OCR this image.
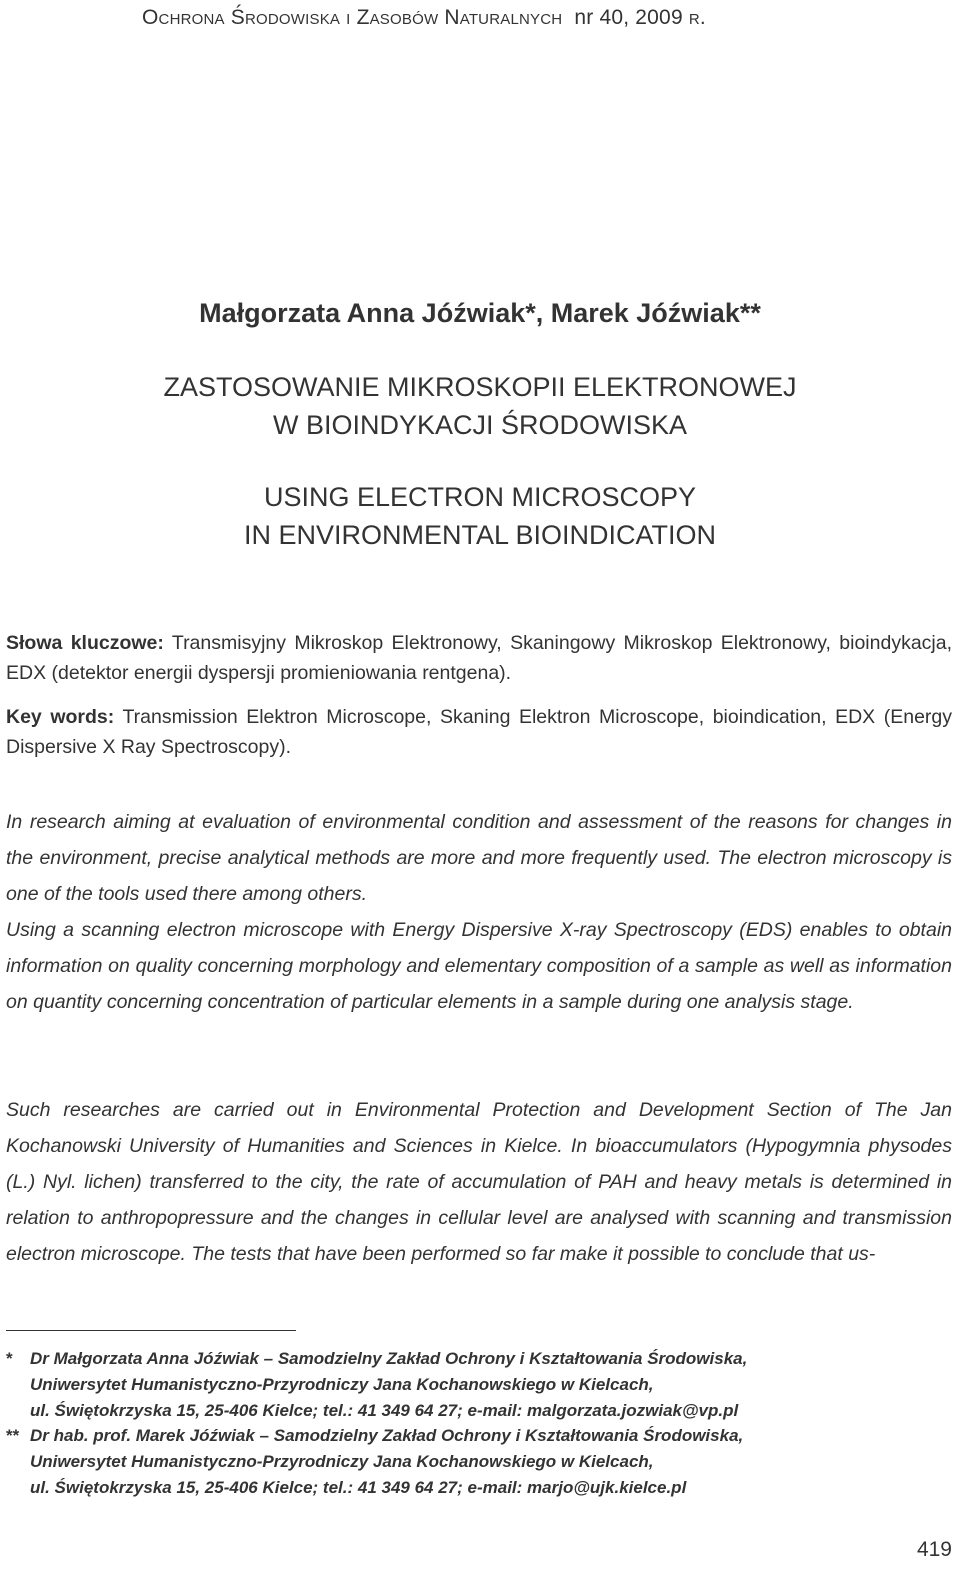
Ochrona Środowiska i Zasobów Naturalnych  nr 40, 2009 r.
Małgorzata Anna Jóźwiak*, Marek Jóźwiak**
ZASTOSOWANIE MIKROSKOPII ELEKTRONOWEJ
W BIOINDYKACJI ŚRODOWISKA
USING ELECTRON MICROSCOPY
IN ENVIRONMENTAL BIOINDICATION
Słowa kluczowe: Transmisyjny Mikroskop Elektronowy, Skaningowy Mikroskop Elektronowy, bioindykacja, EDX (detektor energii dyspersji promieniowania rentgena).
Key words: Transmission Elektron Microscope, Skaning Elektron Microscope, bioindication, EDX (Energy Dispersive X Ray Spectroscopy).

In research aiming at evaluation of environmental condition and assessment of the reasons for changes in the environment, precise analytical methods are more and more frequently used. The electron microscopy is one of the tools used there among others.

Using a scanning electron microscope with Energy Dispersive X-ray Spectroscopy (EDS) enables to obtain information on quality concerning morphology and elementary composition of a sample as well as information on quantity concerning concentration of particular elements in a sample during one analysis stage.

Such researches are carried out in Environmental Protection and Development Section of The Jan Kochanowski University of Humanities and Sciences in Kielce. In bioaccumulators (Hypogymnia physodes (L.) Nyl. lichen) transferred to the city, the rate of accumulation of PAH and heavy metals is determined in relation to anthropopressure and the changes in cellular level are analysed with scanning and transmission electron microscope. The tests that have been performed so far make it possible to conclude that us-

* Dr Małgorzata Anna Jóźwiak – Samodzielny Zakład Ochrony i Kształtowania Środowiska,
Uniwersytet Humanistyczno-Przyrodniczy Jana Kochanowskiego w Kielcach,
ul. Świętokrzyska 15, 25-406 Kielce; tel.: 41 349 64 27; e-mail: malgorzata.jozwiak@vp.pl
** Dr hab. prof. Marek Jóźwiak – Samodzielny Zakład Ochrony i Kształtowania Środowiska,
Uniwersytet Humanistyczno-Przyrodniczy Jana Kochanowskiego w Kielcach,
ul. Świętokrzyska 15, 25-406 Kielce; tel.: 41 349 64 27; e-mail: marjo@ujk.kielce.pl
419
